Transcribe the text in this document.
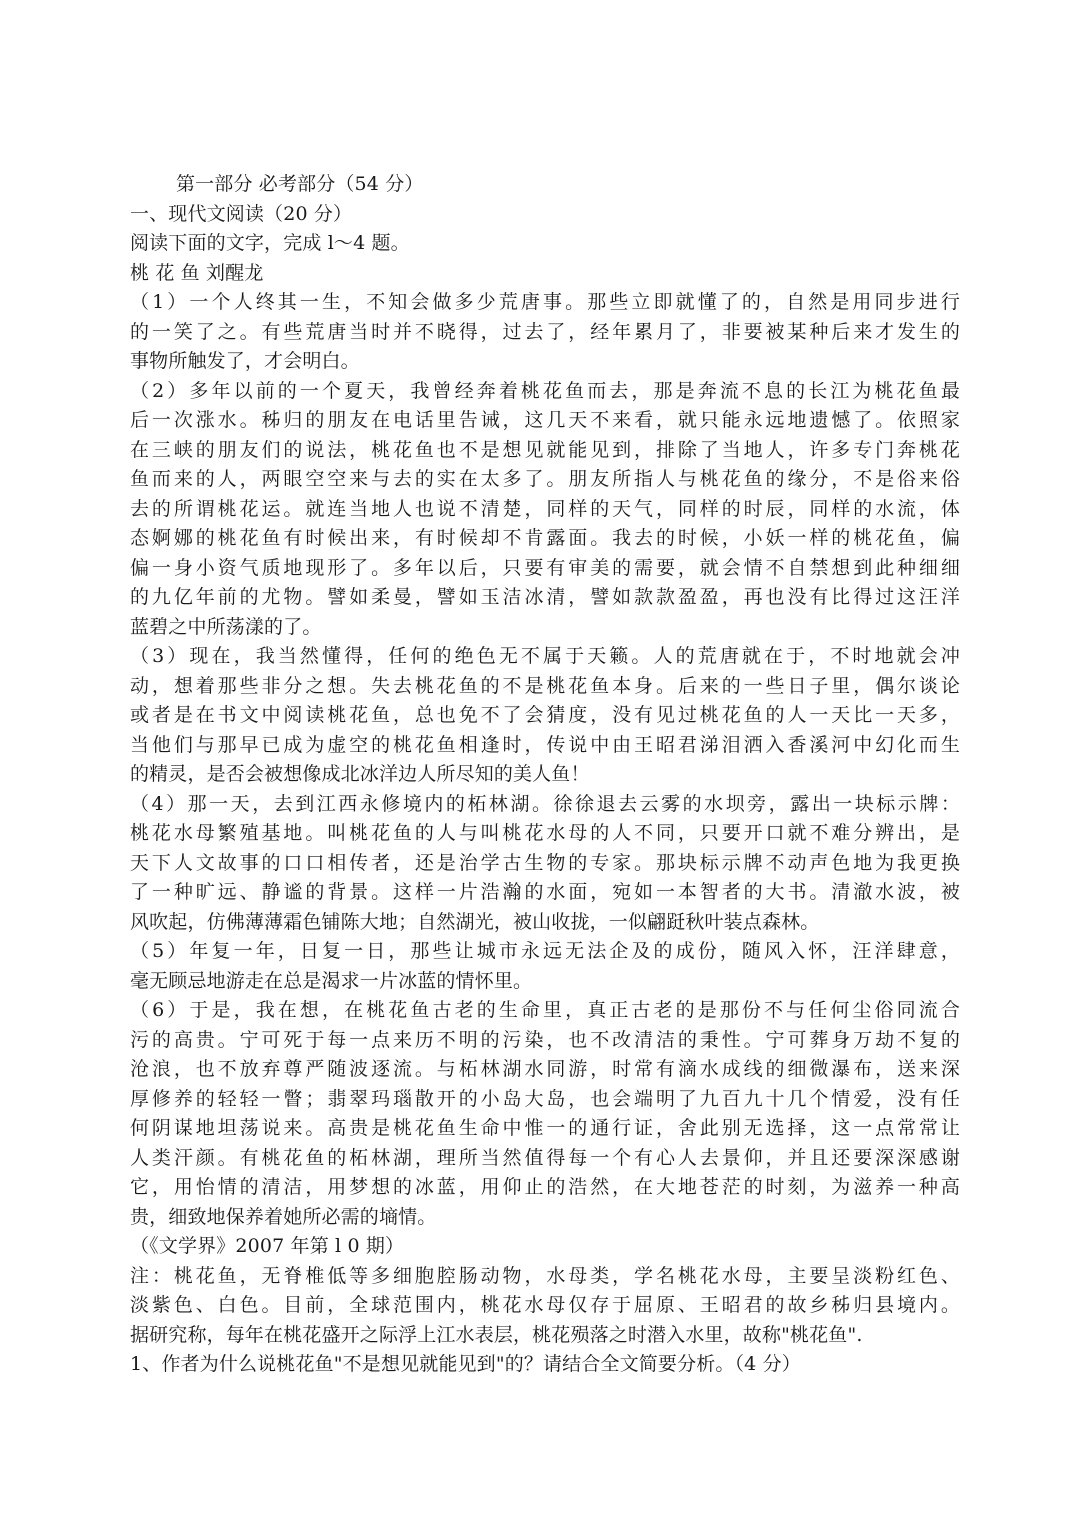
第一部分 必考部分（54 分）
一、现代文阅读（20 分）
阅读下面的文字，完成 l～4 题。
桃 花 鱼 刘醒龙
（1）一个人终其一生，不知会做多少荒唐事。那些立即就懂了的，自然是用同步进行
的一笑了之。有些荒唐当时并不晓得，过去了，经年累月了，非要被某种后来才发生的
事物所触发了，才会明白。
（2）多年以前的一个夏天，我曾经奔着桃花鱼而去，那是奔流不息的长江为桃花鱼最
后一次涨水。秭归的朋友在电话里告诫，这几天不来看，就只能永远地遗憾了。依照家
在三峡的朋友们的说法，桃花鱼也不是想见就能见到，排除了当地人，许多专门奔桃花
鱼而来的人，两眼空空来与去的实在太多了。朋友所指人与桃花鱼的缘分，不是俗来俗
去的所谓桃花运。就连当地人也说不清楚，同样的天气，同样的时辰，同样的水流，体
态婀娜的桃花鱼有时候出来，有时候却不肯露面。我去的时候，小妖一样的桃花鱼，偏
偏一身小资气质地现形了。多年以后，只要有审美的需要，就会情不自禁想到此种细细
的九亿年前的尤物。譬如柔曼，譬如玉洁冰清，譬如款款盈盈，再也没有比得过这汪洋
蓝碧之中所荡漾的了。
（3）现在，我当然懂得，任何的绝色无不属于天籁。人的荒唐就在于，不时地就会冲
动，想着那些非分之想。失去桃花鱼的不是桃花鱼本身。后来的一些日子里，偶尔谈论
或者是在书文中阅读桃花鱼，总也免不了会猜度，没有见过桃花鱼的人一天比一天多，
当他们与那早已成为虚空的桃花鱼相逢时，传说中由王昭君涕泪洒入香溪河中幻化而生
的精灵，是否会被想像成北冰洋边人所尽知的美人鱼！
（4）那一天，去到江西永修境内的柘林湖。徐徐退去云雾的水坝旁，露出一块标示牌：
桃花水母繁殖基地。叫桃花鱼的人与叫桃花水母的人不同，只要开口就不难分辨出，是
天下人文故事的口口相传者，还是治学古生物的专家。那块标示牌不动声色地为我更换
了一种旷远、静谧的背景。这样一片浩瀚的水面，宛如一本智者的大书。清澈水波，被
风吹起，仿佛薄薄霜色铺陈大地；自然湖光，被山收拢，一似翩跹秋叶装点森林。
（5）年复一年，日复一日，那些让城市永远无法企及的成份，随风入怀，汪洋肆意，
毫无顾忌地游走在总是渴求一片冰蓝的情怀里。
（6）于是，我在想，在桃花鱼古老的生命里，真正古老的是那份不与任何尘俗同流合
污的高贵。宁可死于每一点来历不明的污染，也不改清洁的秉性。宁可葬身万劫不复的
沧浪，也不放弃尊严随波逐流。与柘林湖水同游，时常有滴水成线的细微瀑布，送来深
厚修养的轻轻一瞥；翡翠玛瑙散开的小岛大岛，也会端明了九百九十几个情爱，没有任
何阴谋地坦荡说来。高贵是桃花鱼生命中惟一的通行证，舍此别无选择，这一点常常让
人类汗颜。有桃花鱼的柘林湖，理所当然值得每一个有心人去景仰，并且还要深深感谢
它，用怡情的清洁，用梦想的冰蓝，用仰止的浩然，在大地苍茫的时刻，为滋养一种高
贵，细致地保养着她所必需的墒情。
（《文学界》2007 年第 l 0 期）
注：桃花鱼，无脊椎低等多细胞腔肠动物，水母类，学名桃花水母，主要呈淡粉红色、
淡紫色、白色。目前，全球范围内，桃花水母仅存于屈原、王昭君的故乡秭归县境内。
据研究称，每年在桃花盛开之际浮上江水表层，桃花殒落之时潜入水里，故称"桃花鱼".
1、作者为什么说桃花鱼"不是想见就能见到"的？请结合全文简要分析。（4 分）
